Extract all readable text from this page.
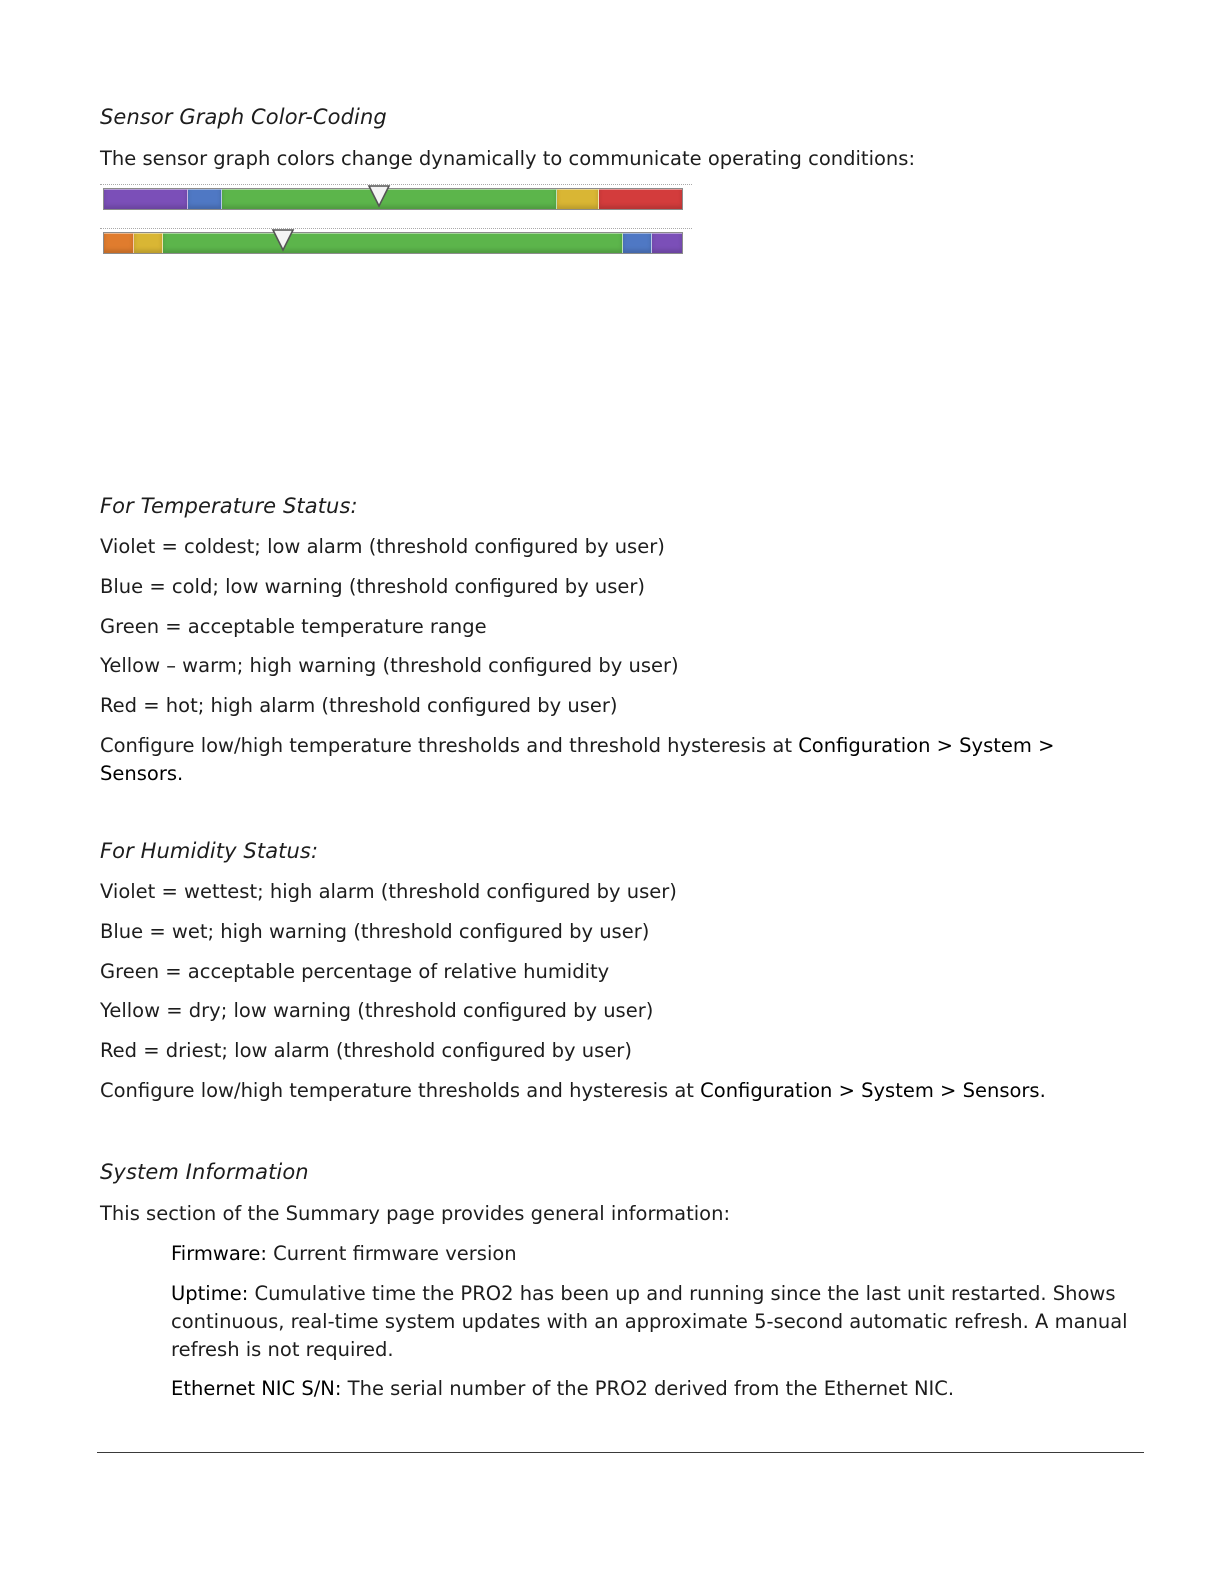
Sensor Graph Color-Coding
The sensor graph colors change dynamically to communicate operating conditions:
For Temperature Status:
Violet = coldest; low alarm (threshold configured by user)
Blue = cold; low warning (threshold configured by user)
Green = acceptable temperature range
Yellow – warm; high warning (threshold configured by user)
Red = hot; high alarm (threshold configured by user)
Configure low/high temperature thresholds and threshold hysteresis at Configuration > System > Sensors.
For Humidity Status:
Violet = wettest; high alarm (threshold configured by user)
Blue = wet; high warning (threshold configured by user)
Green = acceptable percentage of relative humidity
Yellow = dry; low warning (threshold configured by user)
Red = driest; low alarm (threshold configured by user)
Configure low/high temperature thresholds and hysteresis at Configuration > System > Sensors.
System Information
This section of the Summary page provides general information:
Firmware: Current firmware version
Uptime: Cumulative time the PRO2 has been up and running since the last unit restarted. Shows continuous, real-time system updates with an approximate 5-second automatic refresh. A manual refresh is not required.
Ethernet NIC S/N: The serial number of the PRO2 derived from the Ethernet NIC.
